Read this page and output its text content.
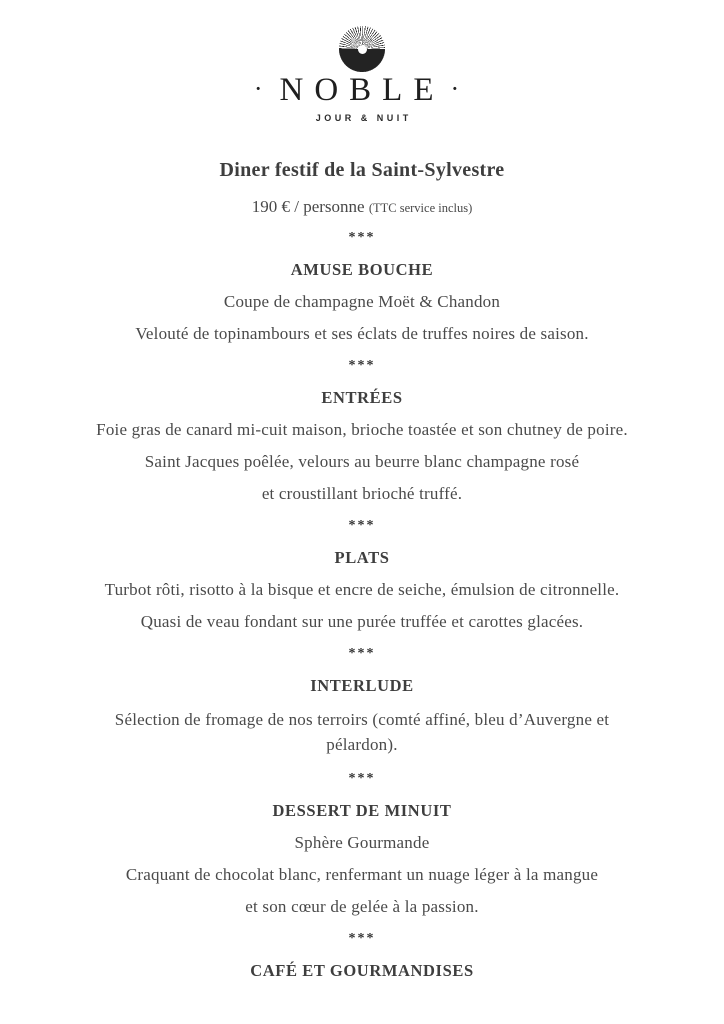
· NOBLE ·
JOUR & NUIT
Diner festif de la Saint-Sylvestre

190 € / personne (TTC service inclus)

***
AMUSE BOUCHE

Coupe de champagne Moët & Chandon

Velouté de topinambours et ses éclats de truffes noires de saison.

***
ENTRÉES

Foie gras de canard mi-cuit maison, brioche toastée et son chutney de poire.

Saint Jacques poêlée, velours au beurre blanc champagne rosé

et croustillant brioché truffé.

***
PLATS

Turbot rôti, risotto à la bisque et encre de seiche, émulsion de citronnelle.

Quasi de veau fondant sur une purée truffée et carottes glacées.

***
INTERLUDE

Sélection de fromage de nos terroirs (comté affiné, bleu d’Auvergne et pélardon).

***
DESSERT DE MINUIT

Sphère Gourmande

Craquant de chocolat blanc, renfermant un nuage léger à la mangue

et son cœur de gelée à la passion.

***
CAFÉ ET GOURMANDISES
